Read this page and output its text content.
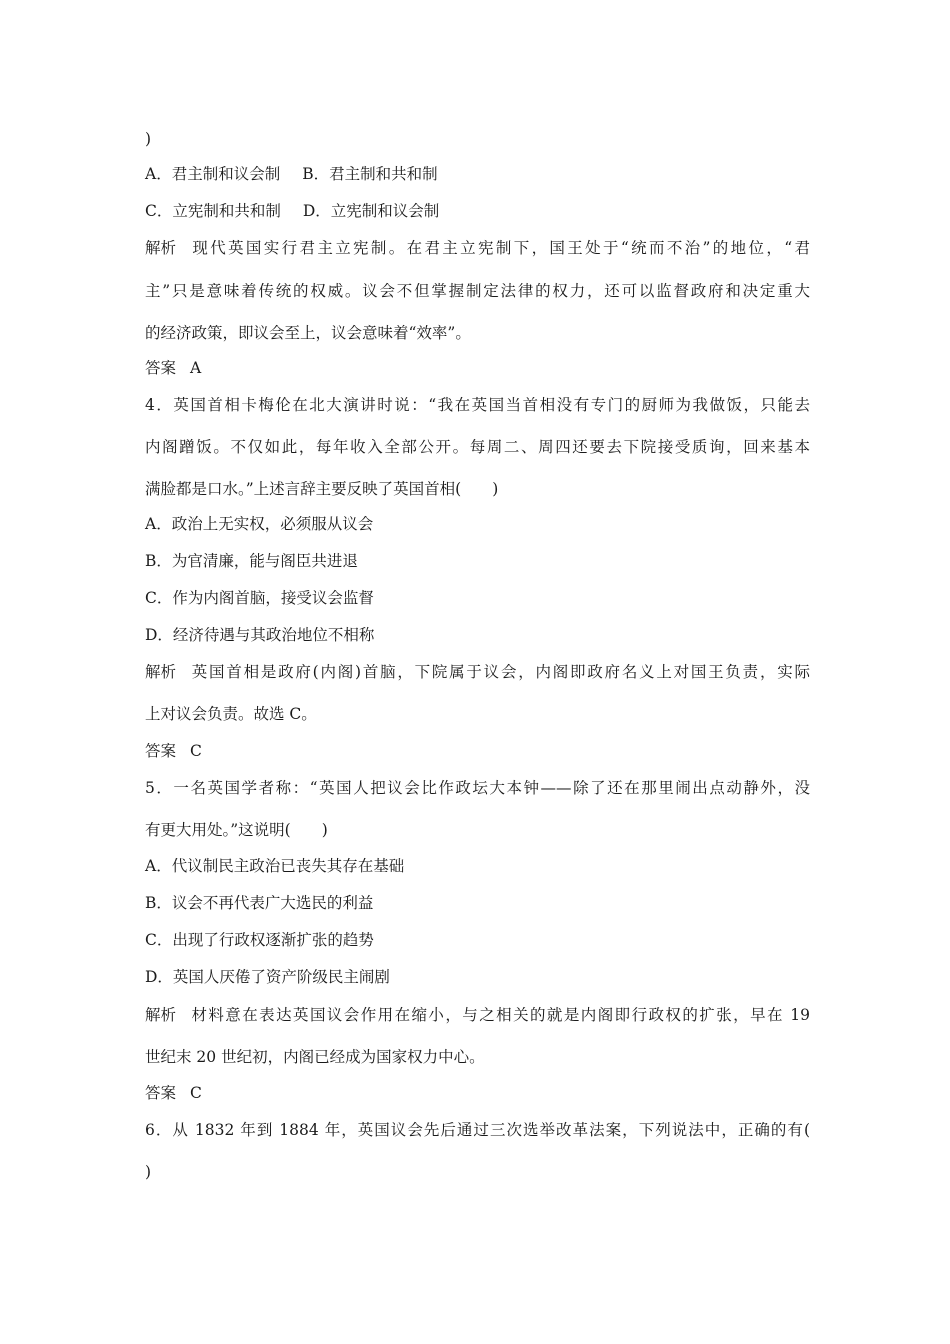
)
A．君主制和议会制 B．君主制和共和制
C．立宪制和共和制 D．立宪制和议会制
解析 现代英国实行君主立宪制。在君主立宪制下，国王处于“统而不治”的地位，“君
主”只是意味着传统的权威。议会不但掌握制定法律的权力，还可以监督政府和决定重大
的经济政策，即议会至上，议会意味着“效率”。
答案 A
4．英国首相卡梅伦在北大演讲时说：“我在英国当首相没有专门的厨师为我做饭，只能去
内阁蹭饭。不仅如此，每年收入全部公开。每周二、周四还要去下院接受质询，回来基本
满脸都是口水。”上述言辞主要反映了英国首相(　　)
A．政治上无实权，必须服从议会
B．为官清廉，能与阁臣共进退
C．作为内阁首脑，接受议会监督
D．经济待遇与其政治地位不相称
解析 英国首相是政府(内阁)首脑，下院属于议会，内阁即政府名义上对国王负责，实际
上对议会负责。故选 C。
答案 C
5．一名英国学者称：“英国人把议会比作政坛大本钟——除了还在那里闹出点动静外，没
有更大用处。”这说明(　　)
A．代议制民主政治已丧失其存在基础
B．议会不再代表广大选民的利益
C．出现了行政权逐渐扩张的趋势
D．英国人厌倦了资产阶级民主闹剧
解析 材料意在表达英国议会作用在缩小，与之相关的就是内阁即行政权的扩张，早在 19
世纪末 20 世纪初，内阁已经成为国家权力中心。
答案 C
6．从 1832 年到 1884 年，英国议会先后通过三次选举改革法案，下列说法中，正确的有(
)
